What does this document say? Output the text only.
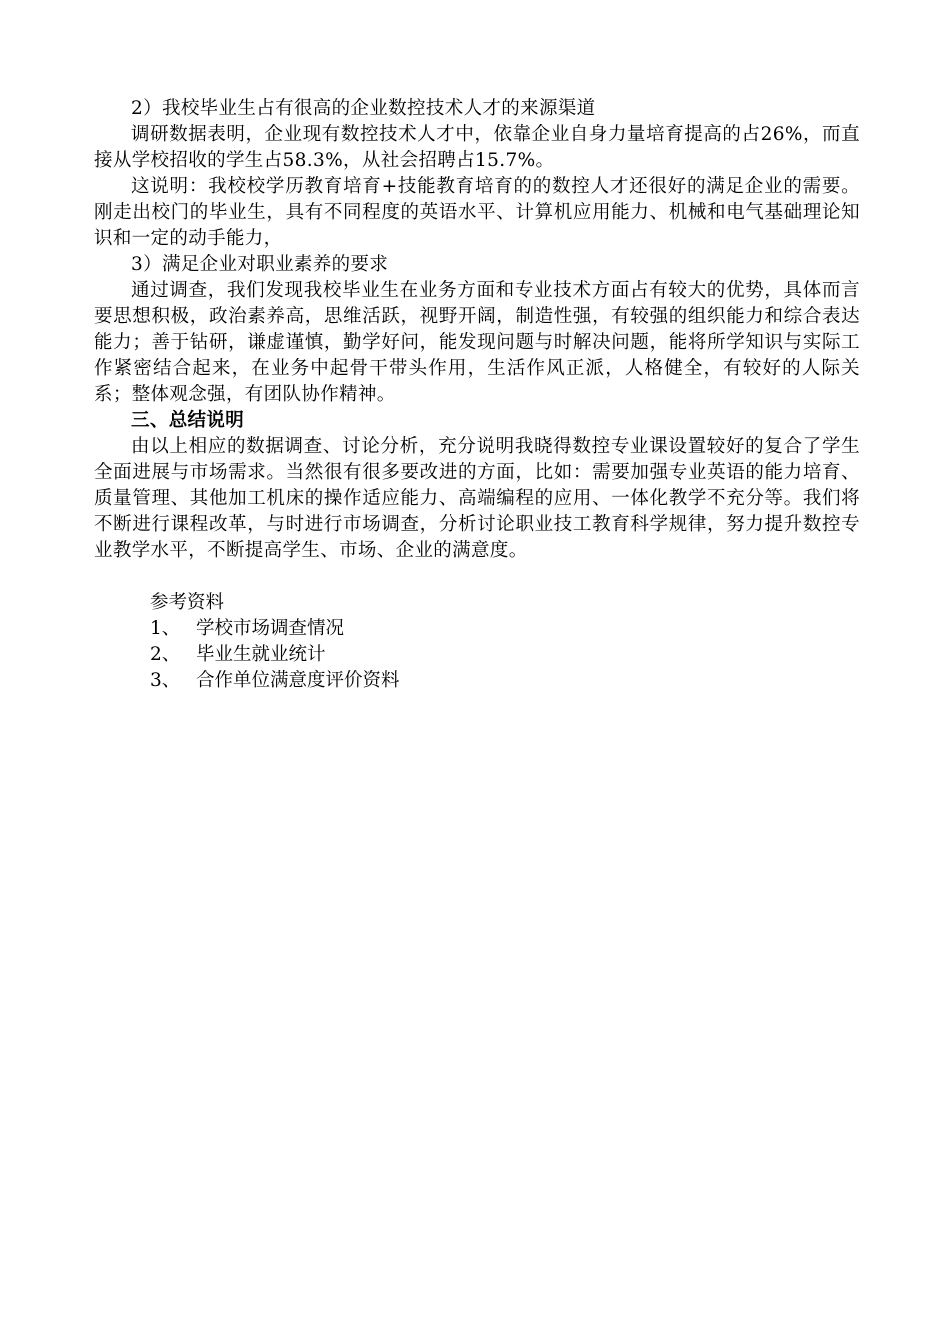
2）我校毕业生占有很高的企业数控技术人才的来源渠道

调研数据表明，企业现有数控技术人才中，依靠企业自身力量培育提高的占26%，而直接从学校招收的学生占58.3%，从社会招聘占15.7%。

这说明：我校校学历教育培育+技能教育培育的的数控人才还很好的满足企业的需要。刚走出校门的毕业生，具有不同程度的英语水平、计算机应用能力、机械和电气基础理论知识和一定的动手能力，

3）满足企业对职业素养的要求

通过调查，我们发现我校毕业生在业务方面和专业技术方面占有较大的优势，具体而言要思想积极，政治素养高，思维活跃，视野开阔，制造性强，有较强的组织能力和综合表达能力；善于钻研，谦虚谨慎，勤学好问，能发现问题与时解决问题，能将所学知识与实际工作紧密结合起来，在业务中起骨干带头作用，生活作风正派，人格健全，有较好的人际关系；整体观念强，有团队协作精神。

三、总结说明

由以上相应的数据调查、讨论分析，充分说明我晓得数控专业课设置较好的复合了学生全面进展与市场需求。当然很有很多要改进的方面，比如：需要加强专业英语的能力培育、质量管理、其他加工机床的操作适应能力、高端编程的应用、一体化教学不充分等。我们将不断进行课程改革，与时进行市场调查，分析讨论职业技工教育科学规律，努力提升数控专业教学水平，不断提高学生、市场、企业的满意度。

参考资料

1、 学校市场调查情况
2、 毕业生就业统计
3、 合作单位满意度评价资料
